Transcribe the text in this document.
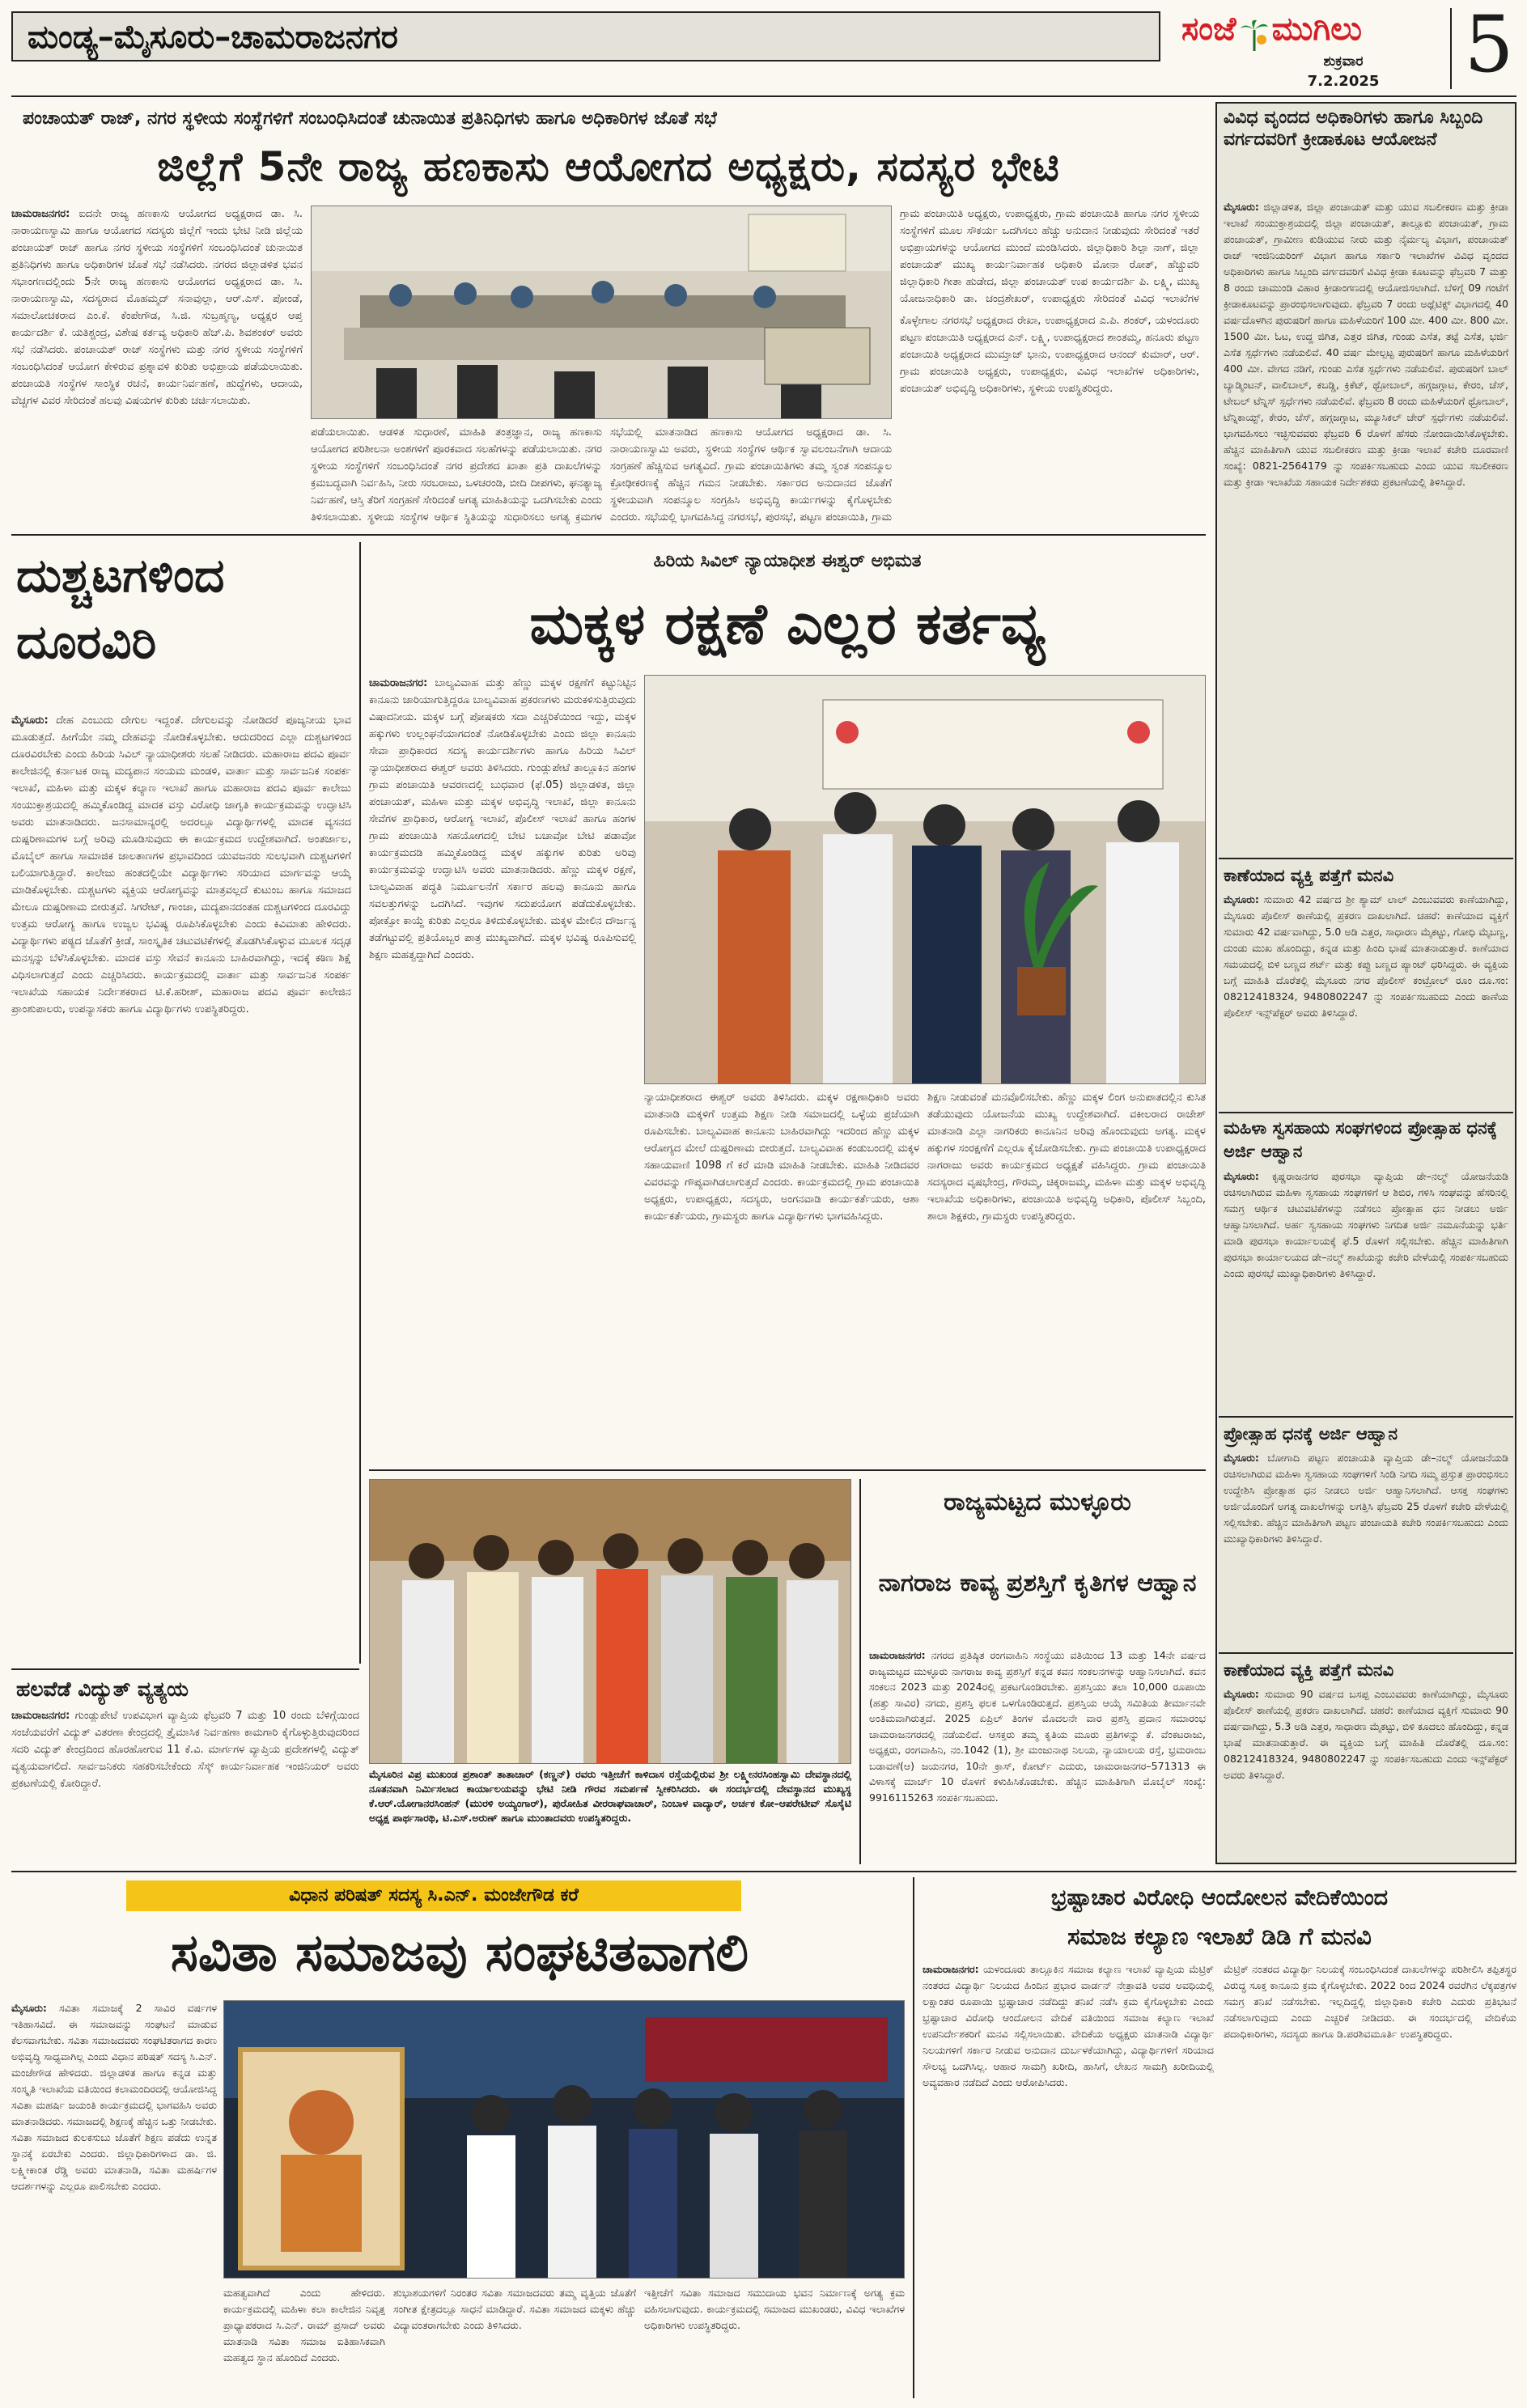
ಮಂಡ್ಯ–ಮೈಸೂರು–ಚಾಮರಾಜನಗರ	ಸಂಜೆ ಮುಗಿಲು
ಶುಕ್ರವಾರ
7.2.2025 5
ಪಂಚಾಯತ್ ರಾಜ್, ನಗರ ಸ್ಥಳೀಯ ಸಂಸ್ಥೆಗಳಿಗೆ ಸಂಬಂಧಿಸಿದಂತೆ ಚುನಾಯಿತ ಪ್ರತಿನಿಧಿಗಳು ಹಾಗೂ ಅಧಿಕಾರಿಗಳ ಜೊತೆ ಸಭೆ
ಜಿಲ್ಲೆಗೆ 5ನೇ ರಾಜ್ಯ ಹಣಕಾಸು ಆಯೋಗದ ಅಧ್ಯಕ್ಷರು, ಸದಸ್ಯರ ಭೇಟಿ
ಚಾಮರಾಜನಗರ: ಐದನೇ ರಾಜ್ಯ ಹಣಕಾಸು ಆಯೋಗದ ಅಧ್ಯಕ್ಷರಾದ ಡಾ. ಸಿ. ನಾರಾಯಣಸ್ವಾಮಿ ಹಾಗೂ ಆಯೋಗದ ಸದಸ್ಯರು ಜಿಲ್ಲೆಗೆ ಇಂದು ಭೇಟಿ ನೀಡಿ ಜಿಲ್ಲೆಯ ಪಂಚಾಯತ್ ರಾಜ್ ಹಾಗೂ ನಗರ ಸ್ಥಳೀಯ ಸಂಸ್ಥೆಗಳಿಗೆ ಸಂಬಂಧಿಸಿದಂತೆ ಚುನಾಯಿತ ಪ್ರತಿನಿಧಿಗಳು ಹಾಗೂ ಅಧಿಕಾರಿಗಳ ಜೊತೆ ಸಭೆ ನಡೆಸಿದರು. ನಗರದ ಜಿಲ್ಲಾಡಳಿತ ಭವನ ಸಭಾಂಗಣದಲ್ಲಿಂದು 5ನೇ ರಾಜ್ಯ ಹಣಕಾಸು ಆಯೋಗದ ಅಧ್ಯಕ್ಷರಾದ ಡಾ. ಸಿ. ನಾರಾಯಣಸ್ವಾಮಿ, ಸದಸ್ಯರಾದ ಮೊಹಮ್ಮದ್ ಸನಾವುಲ್ಲಾ, ಆರ್.ಎಸ್. ಪೋಂಡೆ, ಸಮಾಲೋಚಕರಾದ ಎಂ.ಕೆ. ಕೆಂಪೇಗೌಡ, ಸಿ.ಜಿ. ಸುಬ್ರಹ್ಮಣ್ಯ, ಅಧ್ಯಕ್ಷರ ಆಪ್ತ ಕಾರ್ಯದರ್ಶಿ ಕೆ. ಯತಿಶ್ಚಂದ್ರ, ವಿಶೇಷ ಕರ್ತವ್ಯ ಅಧಿಕಾರಿ ಹೆಚ್.ಪಿ. ಶಿವಶಂಕರ್ ಅವರು ಸಭೆ ನಡೆಸಿದರು. ಪಂಚಾಯತ್ ರಾಜ್ ಸಂಸ್ಥೆಗಳು ಮತ್ತು ನಗರ ಸ್ಥಳೀಯ ಸಂಸ್ಥೆಗಳಿಗೆ ಸಂಬಂಧಿಸಿದಂತೆ ಆಯೋಗ ಕೇಳಿರುವ ಪ್ರಶ್ನಾವಳಿ ಕುರಿತು ಅಭಿಪ್ರಾಯ ಪಡೆಯಲಾಯಿತು. ಪಂಚಾಯತಿ ಸಂಸ್ಥೆಗಳ ಸಾಂಸ್ಥಿಕ ರಚನೆ, ಕಾರ್ಯನಿರ್ವಹಣೆ, ಹುದ್ದೆಗಳು, ಆದಾಯ, ವೆಚ್ಚಗಳ ವಿವರ ಸೇರಿದಂತೆ ಹಲವು ವಿಷಯಗಳ ಕುರಿತು ಚರ್ಚಿಸಲಾಯಿತು.
ಪಡೆಯಲಾಯಿತು. ಆಡಳಿತ ಸುಧಾರಣೆ, ಮಾಹಿತಿ ತಂತ್ರಜ್ಞಾನ, ರಾಜ್ಯ ಹಣಕಾಸು ಆಯೋಗದ ಪರಿಶೀಲನಾ ಅಂಶಗಳಿಗೆ ಪೂರಕವಾದ ಸಲಹೆಗಳನ್ನು ಪಡೆಯಲಾಯಿತು. ನಗರ ಸ್ಥಳೀಯ ಸಂಸ್ಥೆಗಳಿಗೆ ಸಂಬಂಧಿಸಿದಂತೆ ನಗರ ಪ್ರದೇಶದ ಖಾತಾ ಪ್ರತಿ ದಾಖಲೆಗಳನ್ನು ಕ್ರಮಬದ್ಧವಾಗಿ ನಿರ್ವಹಿಸಿ, ನೀರು ಸರಬರಾಜು, ಒಳಚರಂಡಿ, ಬೀದಿ ದೀಪಗಳು, ಘನತ್ಯಾಜ್ಯ ನಿರ್ವಹಣೆ, ಆಸ್ತಿ ತೆರಿಗೆ ಸಂಗ್ರಹಣೆ ಸೇರಿದಂತೆ ಅಗತ್ಯ ಮಾಹಿತಿಯನ್ನು ಒದಗಿಸಬೇಕು ಎಂದು ತಿಳಿಸಲಾಯಿತು. ಸ್ಥಳೀಯ ಸಂಸ್ಥೆಗಳ ಆರ್ಥಿಕ ಸ್ಥಿತಿಯನ್ನು ಸುಧಾರಿಸಲು ಅಗತ್ಯ ಕ್ರಮಗಳ
ಸಭೆಯಲ್ಲಿ ಮಾತನಾಡಿದ ಹಣಕಾಸು ಆಯೋಗದ ಅಧ್ಯಕ್ಷರಾದ ಡಾ. ಸಿ. ನಾರಾಯಣಸ್ವಾಮಿ ಅವರು, ಸ್ಥಳೀಯ ಸಂಸ್ಥೆಗಳ ಆರ್ಥಿಕ ಸ್ವಾವಲಂಬನೆಗಾಗಿ ಆದಾಯ ಸಂಗ್ರಹಣೆ ಹೆಚ್ಚಿಸುವ ಅಗತ್ಯವಿದೆ. ಗ್ರಾಮ ಪಂಚಾಯಿತಿಗಳು ತಮ್ಮ ಸ್ವಂತ ಸಂಪನ್ಮೂಲ ಕ್ರೋಢೀಕರಣಕ್ಕೆ ಹೆಚ್ಚಿನ ಗಮನ ನೀಡಬೇಕು. ಸರ್ಕಾರದ ಅನುದಾನದ ಜೊತೆಗೆ ಸ್ಥಳೀಯವಾಗಿ ಸಂಪನ್ಮೂಲ ಸಂಗ್ರಹಿಸಿ ಅಭಿವೃದ್ಧಿ ಕಾರ್ಯಗಳನ್ನು ಕೈಗೊಳ್ಳಬೇಕು ಎಂದರು. ಸಭೆಯಲ್ಲಿ ಭಾಗವಹಿಸಿದ್ದ ನಗರಸಭೆ, ಪುರಸಭೆ, ಪಟ್ಟಣ ಪಂಚಾಯಿತಿ, ಗ್ರಾಮ
ಗ್ರಾಮ ಪಂಚಾಯಿತಿ ಅಧ್ಯಕ್ಷರು, ಉಪಾಧ್ಯಕ್ಷರು, ಗ್ರಾಮ ಪಂಚಾಯಿತಿ ಹಾಗೂ ನಗರ ಸ್ಥಳೀಯ ಸಂಸ್ಥೆಗಳಿಗೆ ಮೂಲ ಸೌಕರ್ಯ ಒದಗಿಸಲು ಹೆಚ್ಚು ಅನುದಾನ ನೀಡುವುದು ಸೇರಿದಂತೆ ಇತರೆ ಅಭಿಪ್ರಾಯಗಳನ್ನು ಆಯೋಗದ ಮುಂದೆ ಮಂಡಿಸಿದರು. ಜಿಲ್ಲಾಧಿಕಾರಿ ಶಿಲ್ಪಾ ನಾಗ್, ಜಿಲ್ಲಾ ಪಂಚಾಯತ್ ಮುಖ್ಯ ಕಾರ್ಯನಿರ್ವಾಹಕ ಅಧಿಕಾರಿ ಮೋನಾ ರೋತ್, ಹೆಚ್ಚುವರಿ ಜಿಲ್ಲಾಧಿಕಾರಿ ಗೀತಾ ಹುಡೇದ, ಜಿಲ್ಲಾ ಪಂಚಾಯತ್ ಉಪ ಕಾರ್ಯದರ್ಶಿ ಪಿ. ಲಕ್ಷ್ಮಿ, ಮುಖ್ಯ ಯೋಜನಾಧಿಕಾರಿ ಡಾ. ಚಂದ್ರಶೇಖರ್, ಉಪಾಧ್ಯಕ್ಷರು ಸೇರಿದಂತೆ ವಿವಿಧ ಇಲಾಖೆಗಳ
ಕೊಳ್ಳೇಗಾಲ ನಗರಸಭೆ ಅಧ್ಯಕ್ಷರಾದ ರೇಖಾ, ಉಪಾಧ್ಯಕ್ಷರಾದ ಎ.ಪಿ. ಶಂಕರ್, ಯಳಂದೂರು ಪಟ್ಟಣ ಪಂಚಾಯಿತಿ ಅಧ್ಯಕ್ಷರಾದ ಎನ್. ಲಕ್ಷ್ಮಿ, ಉಪಾಧ್ಯಕ್ಷರಾದ ಶಾಂತಮ್ಮ, ಹನೂರು ಪಟ್ಟಣ ಪಂಚಾಯಿತಿ ಅಧ್ಯಕ್ಷರಾದ ಮುಮ್ತಾಜ್ ಭಾನು, ಉಪಾಧ್ಯಕ್ಷರಾದ ಆನಂದ್ ಕುಮಾರ್, ಆರ್. ಗ್ರಾಮ ಪಂಚಾಯಿತಿ ಅಧ್ಯಕ್ಷರು, ಉಪಾಧ್ಯಕ್ಷರು, ವಿವಿಧ ಇಲಾಖೆಗಳ ಅಧಿಕಾರಿಗಳು, ಪಂಚಾಯತ್ ಅಭಿವೃದ್ಧಿ ಅಧಿಕಾರಿಗಳು, ಸ್ಥಳೀಯ ಉಪಸ್ಥಿತರಿದ್ದರು.
ವಿವಿಧ ವೃಂದದ ಅಧಿಕಾರಿಗಳು ಹಾಗೂ ಸಿಬ್ಬಂದಿ ವರ್ಗದವರಿಗೆ ಕ್ರೀಡಾಕೂಟ ಆಯೋಜನೆ
ಮೈಸೂರು: ಜಿಲ್ಲಾಡಳಿತ, ಜಿಲ್ಲಾ ಪಂಚಾಯತ್ ಮತ್ತು ಯುವ ಸಬಲೀಕರಣ ಮತ್ತು ಕ್ರೀಡಾ ಇಲಾಖೆ ಸಂಯುಕ್ತಾಶ್ರಯದಲ್ಲಿ ಜಿಲ್ಲಾ ಪಂಚಾಯತ್, ತಾಲ್ಲೂಕು ಪಂಚಾಯತ್, ಗ್ರಾಮ ಪಂಚಾಯತ್, ಗ್ರಾಮೀಣ ಕುಡಿಯುವ ನೀರು ಮತ್ತು ನೈರ್ಮಲ್ಯ ವಿಭಾಗ, ಪಂಚಾಯತ್ ರಾಜ್ ಇಂಜಿನಿಯರಿಂಗ್ ವಿಭಾಗ ಹಾಗೂ ಸರ್ಕಾರಿ ಇಲಾಖೆಗಳ ವಿವಿಧ ವೃಂದದ ಅಧಿಕಾರಿಗಳು ಹಾಗೂ ಸಿಬ್ಬಂದಿ ವರ್ಗದವರಿಗೆ ವಿವಿಧ ಕ್ರೀಡಾ ಕೂಟವನ್ನು ಫೆಬ್ರವರಿ 7 ಮತ್ತು 8 ರಂದು ಚಾಮುಂಡಿ ವಿಹಾರ ಕ್ರೀಡಾಂಗಣದಲ್ಲಿ ಆಯೋಜಿಸಲಾಗಿದೆ. ಬೆಳಿಗ್ಗೆ 09 ಗಂಟೆಗೆ ಕ್ರೀಡಾಕೂಟವನ್ನು ಪ್ರಾರಂಭಿಸಲಾಗುವುದು. ಫೆಬ್ರವರಿ 7 ರಂದು ಅಥ್ಲೆಟಿಕ್ಸ್ ವಿಭಾಗದಲ್ಲಿ 40 ವರ್ಷದೊಳಗಿನ ಪುರುಷರಿಗೆ ಹಾಗೂ ಮಹಿಳೆಯರಿಗೆ 100 ಮೀ. 400 ಮೀ. 800 ಮೀ. 1500 ಮೀ. ಓಟ, ಉದ್ದ ಜಿಗಿತ, ಎತ್ತರ ಜಿಗಿತ, ಗುಂಡು ಎಸೆತ, ತಟ್ಟೆ ಎಸೆತ, ಭರ್ಜಿ ಎಸೆತ ಸ್ಪರ್ಧೆಗಳು ನಡೆಯಲಿವೆ. 40 ವರ್ಷ ಮೇಲ್ಪಟ್ಟ ಪುರುಷರಿಗೆ ಹಾಗೂ ಮಹಿಳೆಯರಿಗೆ 400 ಮೀ. ವೇಗದ ನಡಿಗೆ, ಗುಂಡು ಎಸೆತ ಸ್ಪರ್ಧೆಗಳು ನಡೆಯಲಿವೆ. ಪುರುಷರಿಗೆ ಬಾಲ್ ಬ್ಯಾಡ್ಮಿಂಟನ್, ವಾಲಿಬಾಲ್, ಕಬಡ್ಡಿ, ಕ್ರಿಕೆಟ್, ಥ್ರೋಬಾಲ್, ಹಗ್ಗಜಗ್ಗಾಟ, ಕೇರಂ, ಚೆಸ್, ಟೇಬಲ್ ಟೆನ್ನಿಸ್ ಸ್ಪರ್ಧೆಗಳು ನಡೆಯಲಿವೆ. ಫೆಬ್ರವರಿ 8 ರಂದು ಮಹಿಳೆಯರಿಗೆ ಥ್ರೋಬಾಲ್, ಟೆನ್ನಿಕಾಯ್ಟ್, ಕೇರಂ, ಚೆಸ್, ಹಗ್ಗಜಗ್ಗಾಟ, ಮ್ಯೂಸಿಕಲ್ ಚೇರ್ ಸ್ಪರ್ಧೆಗಳು ನಡೆಯಲಿವೆ. ಭಾಗವಹಿಸಲು ಇಚ್ಛಿಸುವವರು ಫೆಬ್ರವರಿ 6 ರೊಳಗೆ ಹೆಸರು ನೋಂದಾಯಿಸಿಕೊಳ್ಳಬೇಕು. ಹೆಚ್ಚಿನ ಮಾಹಿತಿಗಾಗಿ ಯುವ ಸಬಲೀಕರಣ ಮತ್ತು ಕ್ರೀಡಾ ಇಲಾಖೆ ಕಚೇರಿ ದೂರವಾಣಿ ಸಂಖ್ಯೆ: 0821-2564179 ನ್ನು ಸಂಪರ್ಕಿಸಬಹುದು ಎಂದು ಯುವ ಸಬಲೀಕರಣ ಮತ್ತು ಕ್ರೀಡಾ ಇಲಾಖೆಯ ಸಹಾಯಕ ನಿರ್ದೇಶಕರು ಪ್ರಕಟಣೆಯಲ್ಲಿ ತಿಳಿಸಿದ್ದಾರೆ.
ಕಾಣೆಯಾದ ವ್ಯಕ್ತಿ ಪತ್ತೆಗೆ ಮನವಿ
ಮೈಸೂರು: ಸುಮಾರು 42 ವರ್ಷದ ಶ್ರೀ ಶ್ಯಾಮ್ ಲಾಲ್ ಎಂಬುವವರು ಕಾಣೆಯಾಗಿದ್ದು, ಮೈಸೂರು ಪೊಲೀಸ್ ಠಾಣೆಯಲ್ಲಿ ಪ್ರಕರಣ ದಾಖಲಾಗಿದೆ. ಚಹರೆ: ಕಾಣೆಯಾದ ವ್ಯಕ್ತಿಗೆ ಸುಮಾರು 42 ವರ್ಷವಾಗಿದ್ದು, 5.0 ಅಡಿ ಎತ್ತರ, ಸಾಧಾರಣ ಮೈಕಟ್ಟು, ಗೋಧಿ ಮೈಬಣ್ಣ, ದುಂಡು ಮುಖ ಹೊಂದಿದ್ದು, ಕನ್ನಡ ಮತ್ತು ಹಿಂದಿ ಭಾಷೆ ಮಾತನಾಡುತ್ತಾರೆ. ಕಾಣೆಯಾದ ಸಮಯದಲ್ಲಿ ಬಿಳಿ ಬಣ್ಣದ ಶರ್ಟ್ ಮತ್ತು ಕಪ್ಪು ಬಣ್ಣದ ಪ್ಯಾಂಟ್ ಧರಿಸಿದ್ದರು. ಈ ವ್ಯಕ್ತಿಯ ಬಗ್ಗೆ ಮಾಹಿತಿ ದೊರೆತಲ್ಲಿ ಮೈಸೂರು ನಗರ ಪೊಲೀಸ್ ಕಂಟ್ರೋಲ್ ರೂಂ ದೂ.ಸಂ: 08212418324, 9480802247 ನ್ನು ಸಂಪರ್ಕಿಸಬಹುದು ಎಂದು ಠಾಣೆಯ ಪೊಲೀಸ್ ಇನ್ಸ್‌ಪೆಕ್ಟರ್ ಅವರು ತಿಳಿಸಿದ್ದಾರೆ.
ಮಹಿಳಾ ಸ್ವಸಹಾಯ ಸಂಘಗಳಿಂದ ಪ್ರೋತ್ಸಾಹ ಧನಕ್ಕೆ ಅರ್ಜಿ ಆಹ್ವಾನ
ಮೈಸೂರು: ಕೃಷ್ಣರಾಜನಗರ ಪುರಸಭಾ ವ್ಯಾಪ್ತಿಯ ಡೇ–ನಲ್ಮ್ ಯೋಜನೆಯಡಿ ರಚಿಸಲಾಗಿರುವ ಮಹಿಳಾ ಸ್ವಸಹಾಯ ಸಂಘಗಳಿಗೆ ಆ ಶಿಬಿರ, ಗಳಿಸಿ ಸಂಘವನ್ನು ಹೆಸರಿನಲ್ಲಿ ಸಮಗ್ರ ಆರ್ಥಿಕ ಚಟುವಟಿಕೆಗಳನ್ನು ನಡೆಸಲು ಪ್ರೋತ್ಸಾಹ ಧನ ನೀಡಲು ಅರ್ಜಿ ಆಹ್ವಾನಿಸಲಾಗಿದೆ. ಅರ್ಹ ಸ್ವಸಹಾಯ ಸಂಘಗಳು ನಿಗದಿತ ಅರ್ಜಿ ನಮೂನೆಯನ್ನು ಭರ್ತಿ ಮಾಡಿ ಪುರಸಭಾ ಕಾರ್ಯಾಲಯಕ್ಕೆ ಫೆ.5 ರೊಳಗೆ ಸಲ್ಲಿಸಬೇಕು. ಹೆಚ್ಚಿನ ಮಾಹಿತಿಗಾಗಿ ಪುರಸಭಾ ಕಾರ್ಯಾಲಯದ ಡೇ–ನಲ್ಮ್ ಶಾಖೆಯನ್ನು ಕಚೇರಿ ವೇಳೆಯಲ್ಲಿ ಸಂಪರ್ಕಿಸಬಹುದು ಎಂದು ಪುರಸಭೆ ಮುಖ್ಯಾಧಿಕಾರಿಗಳು ತಿಳಿಸಿದ್ದಾರೆ.
ಪ್ರೋತ್ಸಾಹ ಧನಕ್ಕೆ ಅರ್ಜಿ ಆಹ್ವಾನ
ಮೈಸೂರು: ಬೋಗಾದಿ ಪಟ್ಟಣ ಪಂಚಾಯತಿ ವ್ಯಾಪ್ತಿಯ ಡೇ–ನಲ್ಮ್ ಯೋಜನೆಯಡಿ ರಚಿಸಲಾಗಿರುವ ಮಹಿಳಾ ಸ್ವಸಹಾಯ ಸಂಘಗಳಿಗೆ ಸಿಂಡಿ ನಿಗದಿ ಸಮ್ಮ ಪ್ರಸ್ತುತ ಪ್ರಾರಂಭಿಸಲು ಉದ್ದೇಶಿಸಿ ಪ್ರೋತ್ಸಾಹ ಧನ ನೀಡಲು ಅರ್ಜಿ ಆಹ್ವಾನಿಸಲಾಗಿದೆ. ಆಸಕ್ತ ಸಂಘಗಳು ಅರ್ಜಿಯೊಂದಿಗೆ ಅಗತ್ಯ ದಾಖಲೆಗಳನ್ನು ಲಗತ್ತಿಸಿ ಫೆಬ್ರವರಿ 25 ರೊಳಗೆ ಕಚೇರಿ ವೇಳೆಯಲ್ಲಿ ಸಲ್ಲಿಸಬೇಕು. ಹೆಚ್ಚಿನ ಮಾಹಿತಿಗಾಗಿ ಪಟ್ಟಣ ಪಂಚಾಯತಿ ಕಚೇರಿ ಸಂಪರ್ಕಿಸಬಹುದು ಎಂದು ಮುಖ್ಯಾಧಿಕಾರಿಗಳು ತಿಳಿಸಿದ್ದಾರೆ.
ಕಾಣೆಯಾದ ವ್ಯಕ್ತಿ ಪತ್ತೆಗೆ ಮನವಿ
ಮೈಸೂರು: ಸುಮಾರು 90 ವರ್ಷದ ಬಸಪ್ಪ ಎಂಬುವವರು ಕಾಣೆಯಾಗಿದ್ದು, ಮೈಸೂರು ಪೊಲೀಸ್ ಠಾಣೆಯಲ್ಲಿ ಪ್ರಕರಣ ದಾಖಲಾಗಿದೆ. ಚಹರೆ: ಕಾಣೆಯಾದ ವ್ಯಕ್ತಿಗೆ ಸುಮಾರು 90 ವರ್ಷವಾಗಿದ್ದು, 5.3 ಅಡಿ ಎತ್ತರ, ಸಾಧಾರಣ ಮೈಕಟ್ಟು, ಬಿಳಿ ಕೂದಲು ಹೊಂದಿದ್ದು, ಕನ್ನಡ ಭಾಷೆ ಮಾತನಾಡುತ್ತಾರೆ. ಈ ವ್ಯಕ್ತಿಯ ಬಗ್ಗೆ ಮಾಹಿತಿ ದೊರೆತಲ್ಲಿ ದೂ.ಸಂ: 08212418324, 9480802247 ನ್ನು ಸಂಪರ್ಕಿಸಬಹುದು ಎಂದು ಇನ್ಸ್‌ಪೆಕ್ಟರ್ ಅವರು ತಿಳಿಸಿದ್ದಾರೆ.
ದುಶ್ಚಟಗಳಿಂದ ದೂರವಿರಿ
ಮೈಸೂರು: ದೇಹ ಎಂಬುದು ದೇಗುಲ ಇದ್ದಂತೆ. ದೇಗುಲವನ್ನು ನೋಡಿದರೆ ಪೂಜ್ಯನೀಯ ಭಾವ ಮೂಡುತ್ತದೆ. ಹೀಗೆಯೇ ನಮ್ಮ ದೇಹವನ್ನು ನೋಡಿಕೊಳ್ಳಬೇಕು. ಆದುದರಿಂದ ಎಲ್ಲಾ ದುಶ್ಚಟಗಳಿಂದ ದೂರವಿರಬೇಕು ಎಂದು ಹಿರಿಯ ಸಿವಿಲ್ ನ್ಯಾಯಾಧೀಶರು ಸಲಹೆ ನೀಡಿದರು. ಮಹಾರಾಜ ಪದವಿ ಪೂರ್ವ ಕಾಲೇಜಿನಲ್ಲಿ ಕರ್ನಾಟಕ ರಾಜ್ಯ ಮದ್ಯಪಾನ ಸಂಯಮ ಮಂಡಳಿ, ವಾರ್ತಾ ಮತ್ತು ಸಾರ್ವಜನಿಕ ಸಂಪರ್ಕ ಇಲಾಖೆ, ಮಹಿಳಾ ಮತ್ತು ಮಕ್ಕಳ ಕಲ್ಯಾಣ ಇಲಾಖೆ ಹಾಗೂ ಮಹಾರಾಜ ಪದವಿ ಪೂರ್ವ ಕಾಲೇಜು ಸಂಯುಕ್ತಾಶ್ರಯದಲ್ಲಿ ಹಮ್ಮಿಕೊಂಡಿದ್ದ ಮಾದಕ ವಸ್ತು ವಿರೋಧಿ ಜಾಗೃತಿ ಕಾರ್ಯಕ್ರಮವನ್ನು ಉದ್ಘಾಟಿಸಿ ಅವರು ಮಾತನಾಡಿದರು. ಜನಸಾಮಾನ್ಯರಲ್ಲಿ ಅದರಲ್ಲೂ ವಿದ್ಯಾರ್ಥಿಗಳಲ್ಲಿ ಮಾದಕ ವ್ಯಸನದ ದುಷ್ಪರಿಣಾಮಗಳ ಬಗ್ಗೆ ಅರಿವು ಮೂಡಿಸುವುದು ಈ ಕಾರ್ಯಕ್ರಮದ ಉದ್ದೇಶವಾಗಿದೆ. ಅಂತರ್ಜಾಲ, ಮೊಬೈಲ್ ಹಾಗೂ ಸಾಮಾಜಿಕ ಜಾಲತಾಣಗಳ ಪ್ರಭಾವದಿಂದ ಯುವಜನರು ಸುಲಭವಾಗಿ ದುಶ್ಚಟಗಳಿಗೆ ಬಲಿಯಾಗುತ್ತಿದ್ದಾರೆ. ಕಾಲೇಜು ಹಂತದಲ್ಲಿಯೇ ವಿದ್ಯಾರ್ಥಿಗಳು ಸರಿಯಾದ ಮಾರ್ಗವನ್ನು ಆಯ್ಕೆ ಮಾಡಿಕೊಳ್ಳಬೇಕು. ದುಶ್ಚಟಗಳು ವ್ಯಕ್ತಿಯ ಆರೋಗ್ಯವನ್ನು ಮಾತ್ರವಲ್ಲದೆ ಕುಟುಂಬ ಹಾಗೂ ಸಮಾಜದ ಮೇಲೂ ದುಷ್ಪರಿಣಾಮ ಬೀರುತ್ತವೆ. ಸಿಗರೇಟ್, ಗಾಂಜಾ, ಮದ್ಯಪಾನದಂತಹ ದುಶ್ಚಟಗಳಿಂದ ದೂರವಿದ್ದು ಉತ್ತಮ ಆರೋಗ್ಯ ಹಾಗೂ ಉಜ್ವಲ ಭವಿಷ್ಯ ರೂಪಿಸಿಕೊಳ್ಳಬೇಕು ಎಂದು ಕಿವಿಮಾತು ಹೇಳಿದರು. ವಿದ್ಯಾರ್ಥಿಗಳು ಪಠ್ಯದ ಜೊತೆಗೆ ಕ್ರೀಡೆ, ಸಾಂಸ್ಕೃತಿಕ ಚಟುವಟಿಕೆಗಳಲ್ಲಿ ತೊಡಗಿಸಿಕೊಳ್ಳುವ ಮೂಲಕ ಸದೃಢ ಮನಸ್ಸನ್ನು ಬೆಳೆಸಿಕೊಳ್ಳಬೇಕು. ಮಾದಕ ವಸ್ತು ಸೇವನೆ ಕಾನೂನು ಬಾಹಿರವಾಗಿದ್ದು, ಇದಕ್ಕೆ ಕಠಿಣ ಶಿಕ್ಷೆ ವಿಧಿಸಲಾಗುತ್ತದೆ ಎಂದು ಎಚ್ಚರಿಸಿದರು. ಕಾರ್ಯಕ್ರಮದಲ್ಲಿ ವಾರ್ತಾ ಮತ್ತು ಸಾರ್ವಜನಿಕ ಸಂಪರ್ಕ ಇಲಾಖೆಯ ಸಹಾಯಕ ನಿರ್ದೇಶಕರಾದ ಟಿ.ಕೆ.ಹರೀಶ್, ಮಹಾರಾಜ ಪದವಿ ಪೂರ್ವ ಕಾಲೇಜಿನ ಪ್ರಾಂಶುಪಾಲರು, ಉಪನ್ಯಾಸಕರು ಹಾಗೂ ವಿದ್ಯಾರ್ಥಿಗಳು ಉಪಸ್ಥಿತರಿದ್ದರು.
ಹಿರಿಯ ಸಿವಿಲ್ ನ್ಯಾಯಾಧೀಶ ಈಶ್ವರ್ ಅಭಿಮತ
ಮಕ್ಕಳ ರಕ್ಷಣೆ ಎಲ್ಲರ ಕರ್ತವ್ಯ
ಚಾಮರಾಜನಗರ: ಬಾಲ್ಯವಿವಾಹ ಮತ್ತು ಹೆಣ್ಣು ಮಕ್ಕಳ ರಕ್ಷಣೆಗೆ ಕಟ್ಟುನಿಟ್ಟಿನ ಕಾನೂನು ಜಾರಿಯಾಗುತ್ತಿದ್ದರೂ ಬಾಲ್ಯವಿವಾಹ ಪ್ರಕರಣಗಳು ಮರುಕಳಿಸುತ್ತಿರುವುದು ವಿಷಾದನೀಯ. ಮಕ್ಕಳ ಬಗ್ಗೆ ಪೋಷಕರು ಸದಾ ಎಚ್ಚರಿಕೆಯಿಂದ ಇದ್ದು, ಮಕ್ಕಳ ಹಕ್ಕುಗಳು ಉಲ್ಲಂಘನೆಯಾಗದಂತೆ ನೋಡಿಕೊಳ್ಳಬೇಕು ಎಂದು ಜಿಲ್ಲಾ ಕಾನೂನು ಸೇವಾ ಪ್ರಾಧಿಕಾರದ ಸದಸ್ಯ ಕಾರ್ಯದರ್ಶಿಗಳು ಹಾಗೂ ಹಿರಿಯ ಸಿವಿಲ್ ನ್ಯಾಯಾಧೀಶರಾದ ಈಶ್ವರ್ ಅವರು ತಿಳಿಸಿದರು. ಗುಂಡ್ಲುಪೇಟೆ ತಾಲ್ಲೂಕಿನ ಹಂಗಳ ಗ್ರಾಮ ಪಂಚಾಯಿತಿ ಆವರಣದಲ್ಲಿ ಬುಧವಾರ (ಫೆ.05) ಜಿಲ್ಲಾಡಳಿತ, ಜಿಲ್ಲಾ ಪಂಚಾಯತ್, ಮಹಿಳಾ ಮತ್ತು ಮಕ್ಕಳ ಅಭಿವೃದ್ಧಿ ಇಲಾಖೆ, ಜಿಲ್ಲಾ ಕಾನೂನು ಸೇವೆಗಳ ಪ್ರಾಧಿಕಾರ, ಆರೋಗ್ಯ ಇಲಾಖೆ, ಪೊಲೀಸ್ ಇಲಾಖೆ ಹಾಗೂ ಹಂಗಳ ಗ್ರಾಮ ಪಂಚಾಯಿತಿ ಸಹಯೋಗದಲ್ಲಿ ಬೇಟಿ ಬಚಾವೋ ಬೇಟಿ ಪಡಾವೋ ಕಾರ್ಯಕ್ರಮದಡಿ ಹಮ್ಮಿಕೊಂಡಿದ್ದ ಮಕ್ಕಳ ಹಕ್ಕುಗಳ ಕುರಿತು ಅರಿವು ಕಾರ್ಯಕ್ರಮವನ್ನು ಉದ್ಘಾಟಿಸಿ ಅವರು ಮಾತನಾಡಿದರು. ಹೆಣ್ಣು ಮಕ್ಕಳ ರಕ್ಷಣೆ, ಬಾಲ್ಯವಿವಾಹ ಪದ್ಧತಿ ನಿರ್ಮೂಲನೆಗೆ ಸರ್ಕಾರ ಹಲವು ಕಾನೂನು ಹಾಗೂ ಸವಲತ್ತುಗಳನ್ನು ಒದಗಿಸಿದೆ. ಇವುಗಳ ಸದುಪಯೋಗ ಪಡೆದುಕೊಳ್ಳಬೇಕು. ಪೋಕ್ಸೋ ಕಾಯ್ದೆ ಕುರಿತು ಎಲ್ಲರೂ ತಿಳಿದುಕೊಳ್ಳಬೇಕು. ಮಕ್ಕಳ ಮೇಲಿನ ದೌರ್ಜನ್ಯ ತಡೆಗಟ್ಟುವಲ್ಲಿ ಪ್ರತಿಯೊಬ್ಬರ ಪಾತ್ರ ಮುಖ್ಯವಾಗಿದೆ. ಮಕ್ಕಳ ಭವಿಷ್ಯ ರೂಪಿಸುವಲ್ಲಿ ಶಿಕ್ಷಣ ಮಹತ್ವದ್ದಾಗಿದೆ ಎಂದರು.
ನ್ಯಾಯಾಧೀಶರಾದ ಈಶ್ವರ್ ಅವರು ತಿಳಿಸಿದರು. ಮಕ್ಕಳ ರಕ್ಷಣಾಧಿಕಾರಿ ಅವರು ಮಾತನಾಡಿ ಮಕ್ಕಳಿಗೆ ಉತ್ತಮ ಶಿಕ್ಷಣ ನೀಡಿ ಸಮಾಜದಲ್ಲಿ ಒಳ್ಳೆಯ ಪ್ರಜೆಯಾಗಿ ರೂಪಿಸಬೇಕು. ಬಾಲ್ಯವಿವಾಹ ಕಾನೂನು ಬಾಹಿರವಾಗಿದ್ದು ಇದರಿಂದ ಹೆಣ್ಣು ಮಕ್ಕಳ ಆರೋಗ್ಯದ ಮೇಲೆ ದುಷ್ಪರಿಣಾಮ ಬೀರುತ್ತದೆ. ಬಾಲ್ಯವಿವಾಹ ಕಂಡುಬಂದಲ್ಲಿ ಮಕ್ಕಳ ಸಹಾಯವಾಣಿ 1098 ಗೆ ಕರೆ ಮಾಡಿ ಮಾಹಿತಿ ನೀಡಬೇಕು. ಮಾಹಿತಿ ನೀಡಿದವರ ವಿವರವನ್ನು ಗೌಪ್ಯವಾಗಿಡಲಾಗುತ್ತದೆ ಎಂದರು. ಕಾರ್ಯಕ್ರಮದಲ್ಲಿ ಗ್ರಾಮ ಪಂಚಾಯಿತಿ ಅಧ್ಯಕ್ಷರು, ಉಪಾಧ್ಯಕ್ಷರು, ಸದಸ್ಯರು, ಅಂಗನವಾಡಿ ಕಾರ್ಯಕರ್ತೆಯರು, ಆಶಾ ಕಾರ್ಯಕರ್ತೆಯರು, ಗ್ರಾಮಸ್ಥರು ಹಾಗೂ ವಿದ್ಯಾರ್ಥಿಗಳು ಭಾಗವಹಿಸಿದ್ದರು.
ಶಿಕ್ಷಣ ನೀಡುವಂತೆ ಮನವೊಲಿಸಬೇಕು. ಹೆಣ್ಣು ಮಕ್ಕಳ ಲಿಂಗ ಅನುಪಾತದಲ್ಲಿನ ಕುಸಿತ ತಡೆಯುವುದು ಯೋಜನೆಯ ಮುಖ್ಯ ಉದ್ದೇಶವಾಗಿದೆ. ವಕೀಲರಾದ ರಾಜೇಶ್ ಮಾತನಾಡಿ ಎಲ್ಲಾ ನಾಗರಿಕರು ಕಾನೂನಿನ ಅರಿವು ಹೊಂದುವುದು ಅಗತ್ಯ. ಮಕ್ಕಳ ಹಕ್ಕುಗಳ ಸಂರಕ್ಷಣೆಗೆ ಎಲ್ಲರೂ ಕೈಜೋಡಿಸಬೇಕು. ಗ್ರಾಮ ಪಂಚಾಯಿತಿ ಉಪಾಧ್ಯಕ್ಷರಾದ ನಾಗರಾಜು ಅವರು ಕಾರ್ಯಕ್ರಮದ ಅಧ್ಯಕ್ಷತೆ ವಹಿಸಿದ್ದರು. ಗ್ರಾಮ ಪಂಚಾಯಿತಿ ಸದಸ್ಯರಾದ ವೃಷಭೇಂದ್ರ, ಗೌರಮ್ಮ, ಚಿಕ್ಕರಾಜಮ್ಮ, ಮಹಿಳಾ ಮತ್ತು ಮಕ್ಕಳ ಅಭಿವೃದ್ಧಿ ಇಲಾಖೆಯ ಅಧಿಕಾರಿಗಳು, ಪಂಚಾಯಿತಿ ಅಭಿವೃದ್ಧಿ ಅಧಿಕಾರಿ, ಪೊಲೀಸ್ ಸಿಬ್ಬಂದಿ, ಶಾಲಾ ಶಿಕ್ಷಕರು, ಗ್ರಾಮಸ್ಥರು ಉಪಸ್ಥಿತರಿದ್ದರು.
ಮೈಸೂರಿನ ವಿಪ್ರ ಮುಖಂಡ ಪ್ರಶಾಂತ್ ತಾತಾಚಾರ್ (ಕಣ್ಣನ್) ರವರು ಇತ್ತೀಚೆಗೆ ಕಾಳಿದಾಸ ರಸ್ತೆಯಲ್ಲಿರುವ ಶ್ರೀ ಲಕ್ಷ್ಮೀನರಸಿಂಹಸ್ವಾಮಿ ದೇವಸ್ಥಾನದಲ್ಲಿ ನೂತನವಾಗಿ ನಿರ್ಮಿಸಲಾದ ಕಾರ್ಯಾಲಯವನ್ನು ಭೇಟಿ ನೀಡಿ ಗೌರವ ಸಮರ್ಪಣೆ ಸ್ವೀಕರಿಸಿದರು. ಈ ಸಂದರ್ಭದಲ್ಲಿ ದೇವಸ್ಥಾನದ ಮುಖ್ಯಸ್ಥ ಕೆ.ಆರ್.ಯೋಗಾನರಸಿಂಹನ್ (ಮುರಳಿ ಅಯ್ಯಂಗಾರ್), ಪುರೋಹಿತ ವೀರರಾಘವಾಚಾರ್, ನಿಂಬಾಳ ವಾದ್ಯಾರ್, ಅರ್ಚಕ ಕೋ–ಆಪರೇಟೀವ್ ಸೊಸೈಟಿ ಅಧ್ಯಕ್ಷ ಪಾರ್ಥಸಾರಥಿ, ಟಿ.ಎಸ್.ಅರುಣ್ ಹಾಗೂ ಮುಂತಾದವರು ಉಪಸ್ಥಿತರಿದ್ದರು.
ರಾಜ್ಯಮಟ್ಟದ ಮುಳ್ಳೂರು
ನಾಗರಾಜ ಕಾವ್ಯ ಪ್ರಶಸ್ತಿಗೆ ಕೃತಿಗಳ ಆಹ್ವಾನ
ಚಾಮರಾಜನಗರ: ನಗರದ ಪ್ರತಿಷ್ಠಿತ ರಂಗವಾಹಿನಿ ಸಂಸ್ಥೆಯು ವತಿಯಿಂದ 13 ಮತ್ತು 14ನೇ ವರ್ಷದ ರಾಜ್ಯಮಟ್ಟದ ಮುಳ್ಳೂರು ನಾಗರಾಜ ಕಾವ್ಯ ಪ್ರಶಸ್ತಿಗೆ ಕನ್ನಡ ಕವನ ಸಂಕಲನಗಳನ್ನು ಆಹ್ವಾನಿಸಲಾಗಿದೆ. ಕವನ ಸಂಕಲನ 2023 ಮತ್ತು 2024ರಲ್ಲಿ ಪ್ರಕಟಗೊಂಡಿರಬೇಕು. ಪ್ರಶಸ್ತಿಯು ತಲಾ 10,000 ರೂಪಾಯಿ (ಹತ್ತು ಸಾವಿರ) ನಗದು, ಪ್ರಶಸ್ತಿ ಫಲಕ ಒಳಗೊಂಡಿರುತ್ತದೆ. ಪ್ರಶಸ್ತಿಯ ಆಯ್ಕೆ ಸಮಿತಿಯ ತೀರ್ಮಾನವೇ ಅಂತಿಮವಾಗಿರುತ್ತದೆ. 2025 ಏಪ್ರಿಲ್ ತಿಂಗಳ ಮೊದಲನೇ ವಾರ ಪ್ರಶಸ್ತಿ ಪ್ರದಾನ ಸಮಾರಂಭ ಚಾಮರಾಜನಗರದಲ್ಲಿ ನಡೆಯಲಿದೆ. ಆಸಕ್ತರು ತಮ್ಮ ಕೃತಿಯ ಮೂರು ಪ್ರತಿಗಳನ್ನು ಕೆ. ವೆಂಕಟರಾಜು, ಅಧ್ಯಕ್ಷರು, ರಂಗವಾಹಿನಿ, ನಂ.1042 (1), ಶ್ರೀ ಮಂಜುನಾಥ ನಿಲಯ, ನ್ಯಾಯಾಲಯ ರಸ್ತೆ, ಭ್ರಮರಾಂಬ ಬಡಾವಣೆ(ಆ) ಜಯನಗರ, 10ನೇ ಕ್ರಾಸ್, ಕೋರ್ಟ್ ಎದುರು, ಚಾಮರಾಜನಗರ–571313 ಈ ವಿಳಾಸಕ್ಕೆ ಮಾರ್ಚ್ 10 ರೊಳಗೆ ಕಳುಹಿಸಿಕೊಡಬೇಕು. ಹೆಚ್ಚಿನ ಮಾಹಿತಿಗಾಗಿ ಮೊಬೈಲ್ ಸಂಖ್ಯೆ: 9916115263 ಸಂಪರ್ಕಿಸಬಹುದು.
ಹಲವೆಡೆ ವಿದ್ಯುತ್ ವ್ಯತ್ಯಯ
ಚಾಮರಾಜನಗರ: ಗುಂಡ್ಲುಪೇಟೆ ಉಪವಿಭಾಗ ವ್ಯಾಪ್ತಿಯ ಫೆಬ್ರವರಿ 7 ಮತ್ತು 10 ರಂದು ಬೆಳಿಗ್ಗೆಯಿಂದ ಸಂಜೆಯವರೆಗೆ ವಿದ್ಯುತ್ ವಿತರಣಾ ಕೇಂದ್ರದಲ್ಲಿ ತ್ರೈಮಾಸಿಕ ನಿರ್ವಹಣಾ ಕಾಮಗಾರಿ ಕೈಗೊಳ್ಳುತ್ತಿರುವುದರಿಂದ ಸದರಿ ವಿದ್ಯುತ್ ಕೇಂದ್ರದಿಂದ ಹೊರಹೋಗುವ 11 ಕೆ.ವಿ. ಮಾರ್ಗಗಳ ವ್ಯಾಪ್ತಿಯ ಪ್ರದೇಶಗಳಲ್ಲಿ ವಿದ್ಯುತ್ ವ್ಯತ್ಯಯವಾಗಲಿದೆ. ಸಾರ್ವಜನಿಕರು ಸಹಕರಿಸಬೇಕೆಂದು ಸೆಸ್ಕ್ ಕಾರ್ಯನಿರ್ವಾಹಕ ಇಂಜಿನಿಯರ್ ಅವರು ಪ್ರಕಟಣೆಯಲ್ಲಿ ಕೋರಿದ್ದಾರೆ.
ವಿಧಾನ ಪರಿಷತ್ ಸದಸ್ಯ ಸಿ.ಎನ್. ಮಂಜೇಗೌಡ ಕರೆ
ಸವಿತಾ ಸಮಾಜವು ಸಂಘಟಿತವಾಗಲಿ
ಮೈಸೂರು: ಸವಿತಾ ಸಮಾಜಕ್ಕೆ 2 ಸಾವಿರ ವರ್ಷಗಳ ಇತಿಹಾಸವಿದೆ. ಈ ಸಮಾಜವನ್ನು ಸಂಘಟನೆ ಮಾಡುವ ಕೆಲಸವಾಗಬೇಕು. ಸವಿತಾ ಸಮಾಜದವರು ಸಂಘಟಿತರಾಗದ ಕಾರಣ ಅಭಿವೃದ್ಧಿ ಸಾಧ್ಯವಾಗಿಲ್ಲ ಎಂದು ವಿಧಾನ ಪರಿಷತ್ ಸದಸ್ಯ ಸಿ.ಎನ್. ಮಂಜೇಗೌಡ ಹೇಳಿದರು. ಜಿಲ್ಲಾಡಳಿತ ಹಾಗೂ ಕನ್ನಡ ಮತ್ತು ಸಂಸ್ಕೃತಿ ಇಲಾಖೆಯ ವತಿಯಿಂದ ಕಲಾಮಂದಿರದಲ್ಲಿ ಆಯೋಜಿಸಿದ್ದ ಸವಿತಾ ಮಹರ್ಷಿ ಜಯಂತಿ ಕಾರ್ಯಕ್ರಮದಲ್ಲಿ ಭಾಗವಹಿಸಿ ಅವರು ಮಾತನಾಡಿದರು. ಸಮಾಜದಲ್ಲಿ ಶಿಕ್ಷಣಕ್ಕೆ ಹೆಚ್ಚಿನ ಒತ್ತು ನೀಡಬೇಕು. ಸವಿತಾ ಸಮಾಜದ ಕುಲಕಸುಬು ಜೊತೆಗೆ ಶಿಕ್ಷಣ ಪಡೆದು ಉನ್ನತ ಸ್ಥಾನಕ್ಕೆ ಏರಬೇಕು ಎಂದರು. ಜಿಲ್ಲಾಧಿಕಾರಿಗಳಾದ ಡಾ. ಜಿ. ಲಕ್ಷ್ಮೀಕಾಂತ ರೆಡ್ಡಿ ಅವರು ಮಾತನಾಡಿ, ಸವಿತಾ ಮಹರ್ಷಿಗಳ ಆದರ್ಶಗಳನ್ನು ಎಲ್ಲರೂ ಪಾಲಿಸಬೇಕು ಎಂದರು.
ಮಹತ್ವವಾಗಿದೆ ಎಂದು ಹೇಳಿದರು. ಕಾರ್ಯಕ್ರಮದಲ್ಲಿ ಮಹಿಳಾ ಕಲಾ ಕಾಲೇಜಿನ ನಿವೃತ್ತ ಪ್ರಾಧ್ಯಾಪಕರಾದ ಸಿ.ಎನ್. ರಾಮ್ ಪ್ರಸಾದ್ ಅವರು ಮಾತನಾಡಿ ಸವಿತಾ ಸಮಾಜ ಐತಿಹಾಸಿಕವಾಗಿ ಮಹತ್ವದ ಸ್ಥಾನ ಹೊಂದಿದೆ ಎಂದರು.
ಶುಭಾಶಯಗಳಿಗೆ ನಿರಂತರ ಸವಿತಾ ಸಮಾಜದವರು ತಮ್ಮ ವೃತ್ತಿಯ ಜೊತೆಗೆ ಸಂಗೀತ ಕ್ಷೇತ್ರದಲ್ಲೂ ಸಾಧನೆ ಮಾಡಿದ್ದಾರೆ. ಸವಿತಾ ಸಮಾಜದ ಮಕ್ಕಳು ಹೆಚ್ಚು ವಿದ್ಯಾವಂತರಾಗಬೇಕು ಎಂದು ತಿಳಿಸಿದರು.
ಇತ್ತೀಚೆಗೆ ಸವಿತಾ ಸಮಾಜದ ಸಮುದಾಯ ಭವನ ನಿರ್ಮಾಣಕ್ಕೆ ಅಗತ್ಯ ಕ್ರಮ ವಹಿಸಲಾಗುವುದು. ಕಾರ್ಯಕ್ರಮದಲ್ಲಿ ಸಮಾಜದ ಮುಖಂಡರು, ವಿವಿಧ ಇಲಾಖೆಗಳ ಅಧಿಕಾರಿಗಳು ಉಪಸ್ಥಿತರಿದ್ದರು.
ಭ್ರಷ್ಟಾಚಾರ ವಿರೋಧಿ ಆಂದೋಲನ ವೇದಿಕೆಯಿಂದ
ಸಮಾಜ ಕಲ್ಯಾಣ ಇಲಾಖೆ ಡಿಡಿ ಗೆ ಮನವಿ
ಚಾಮರಾಜನಗರ: ಯಳಂದೂರು ತಾಲ್ಲೂಕಿನ ಸಮಾಜ ಕಲ್ಯಾಣ ಇಲಾಖೆ ವ್ಯಾಪ್ತಿಯ ಮೆಟ್ರಿಕ್ ನಂತರದ ವಿದ್ಯಾರ್ಥಿ ನಿಲಯದ ಹಿಂದಿನ ಪ್ರಭಾರ ವಾರ್ಡನ್ ನೇತ್ರಾವತಿ ಅವರ ಅವಧಿಯಲ್ಲಿ ಲಕ್ಷಾಂತರ ರೂಪಾಯಿ ಭ್ರಷ್ಟಾಚಾರ ನಡೆದಿದ್ದು ತನಿಖೆ ನಡೆಸಿ ಕ್ರಮ ಕೈಗೊಳ್ಳಬೇಕು ಎಂದು ಭ್ರಷ್ಟಾಚಾರ ವಿರೋಧಿ ಆಂದೋಲನ ವೇದಿಕೆ ವತಿಯಿಂದ ಸಮಾಜ ಕಲ್ಯಾಣ ಇಲಾಖೆ ಉಪನಿರ್ದೇಶಕರಿಗೆ ಮನವಿ ಸಲ್ಲಿಸಲಾಯಿತು. ವೇದಿಕೆಯ ಅಧ್ಯಕ್ಷರು ಮಾತನಾಡಿ ವಿದ್ಯಾರ್ಥಿ ನಿಲಯಗಳಿಗೆ ಸರ್ಕಾರ ನೀಡುವ ಅನುದಾನ ದುರ್ಬಳಕೆಯಾಗಿದ್ದು, ವಿದ್ಯಾರ್ಥಿಗಳಿಗೆ ಸರಿಯಾದ ಸೌಲಭ್ಯ ಒದಗಿಸಿಲ್ಲ. ಆಹಾರ ಸಾಮಗ್ರಿ ಖರೀದಿ, ಹಾಸಿಗೆ, ಲೇಖನ ಸಾಮಗ್ರಿ ಖರೀದಿಯಲ್ಲಿ ಅವ್ಯವಹಾರ ನಡೆದಿದೆ ಎಂದು ಆರೋಪಿಸಿದರು.
ಮೆಟ್ರಿಕ್ ನಂತರದ ವಿದ್ಯಾರ್ಥಿ ನಿಲಯಕ್ಕೆ ಸಂಬಂಧಿಸಿದಂತೆ ದಾಖಲೆಗಳನ್ನು ಪರಿಶೀಲಿಸಿ ತಪ್ಪಿತಸ್ಥರ ವಿರುದ್ಧ ಸೂಕ್ತ ಕಾನೂನು ಕ್ರಮ ಕೈಗೊಳ್ಳಬೇಕು. 2022 ರಿಂದ 2024 ರವರೆಗಿನ ಲೆಕ್ಕಪತ್ರಗಳ ಸಮಗ್ರ ತನಿಖೆ ನಡೆಸಬೇಕು. ಇಲ್ಲದಿದ್ದಲ್ಲಿ ಜಿಲ್ಲಾಧಿಕಾರಿ ಕಚೇರಿ ಎದುರು ಪ್ರತಿಭಟನೆ ನಡೆಸಲಾಗುವುದು ಎಂದು ಎಚ್ಚರಿಕೆ ನೀಡಿದರು. ಈ ಸಂದರ್ಭದಲ್ಲಿ ವೇದಿಕೆಯ ಪದಾಧಿಕಾರಿಗಳು, ಸದಸ್ಯರು ಹಾಗೂ ಡಿ.ಪರಶಿವಮೂರ್ತಿ ಉಪಸ್ಥಿತರಿದ್ದರು.
